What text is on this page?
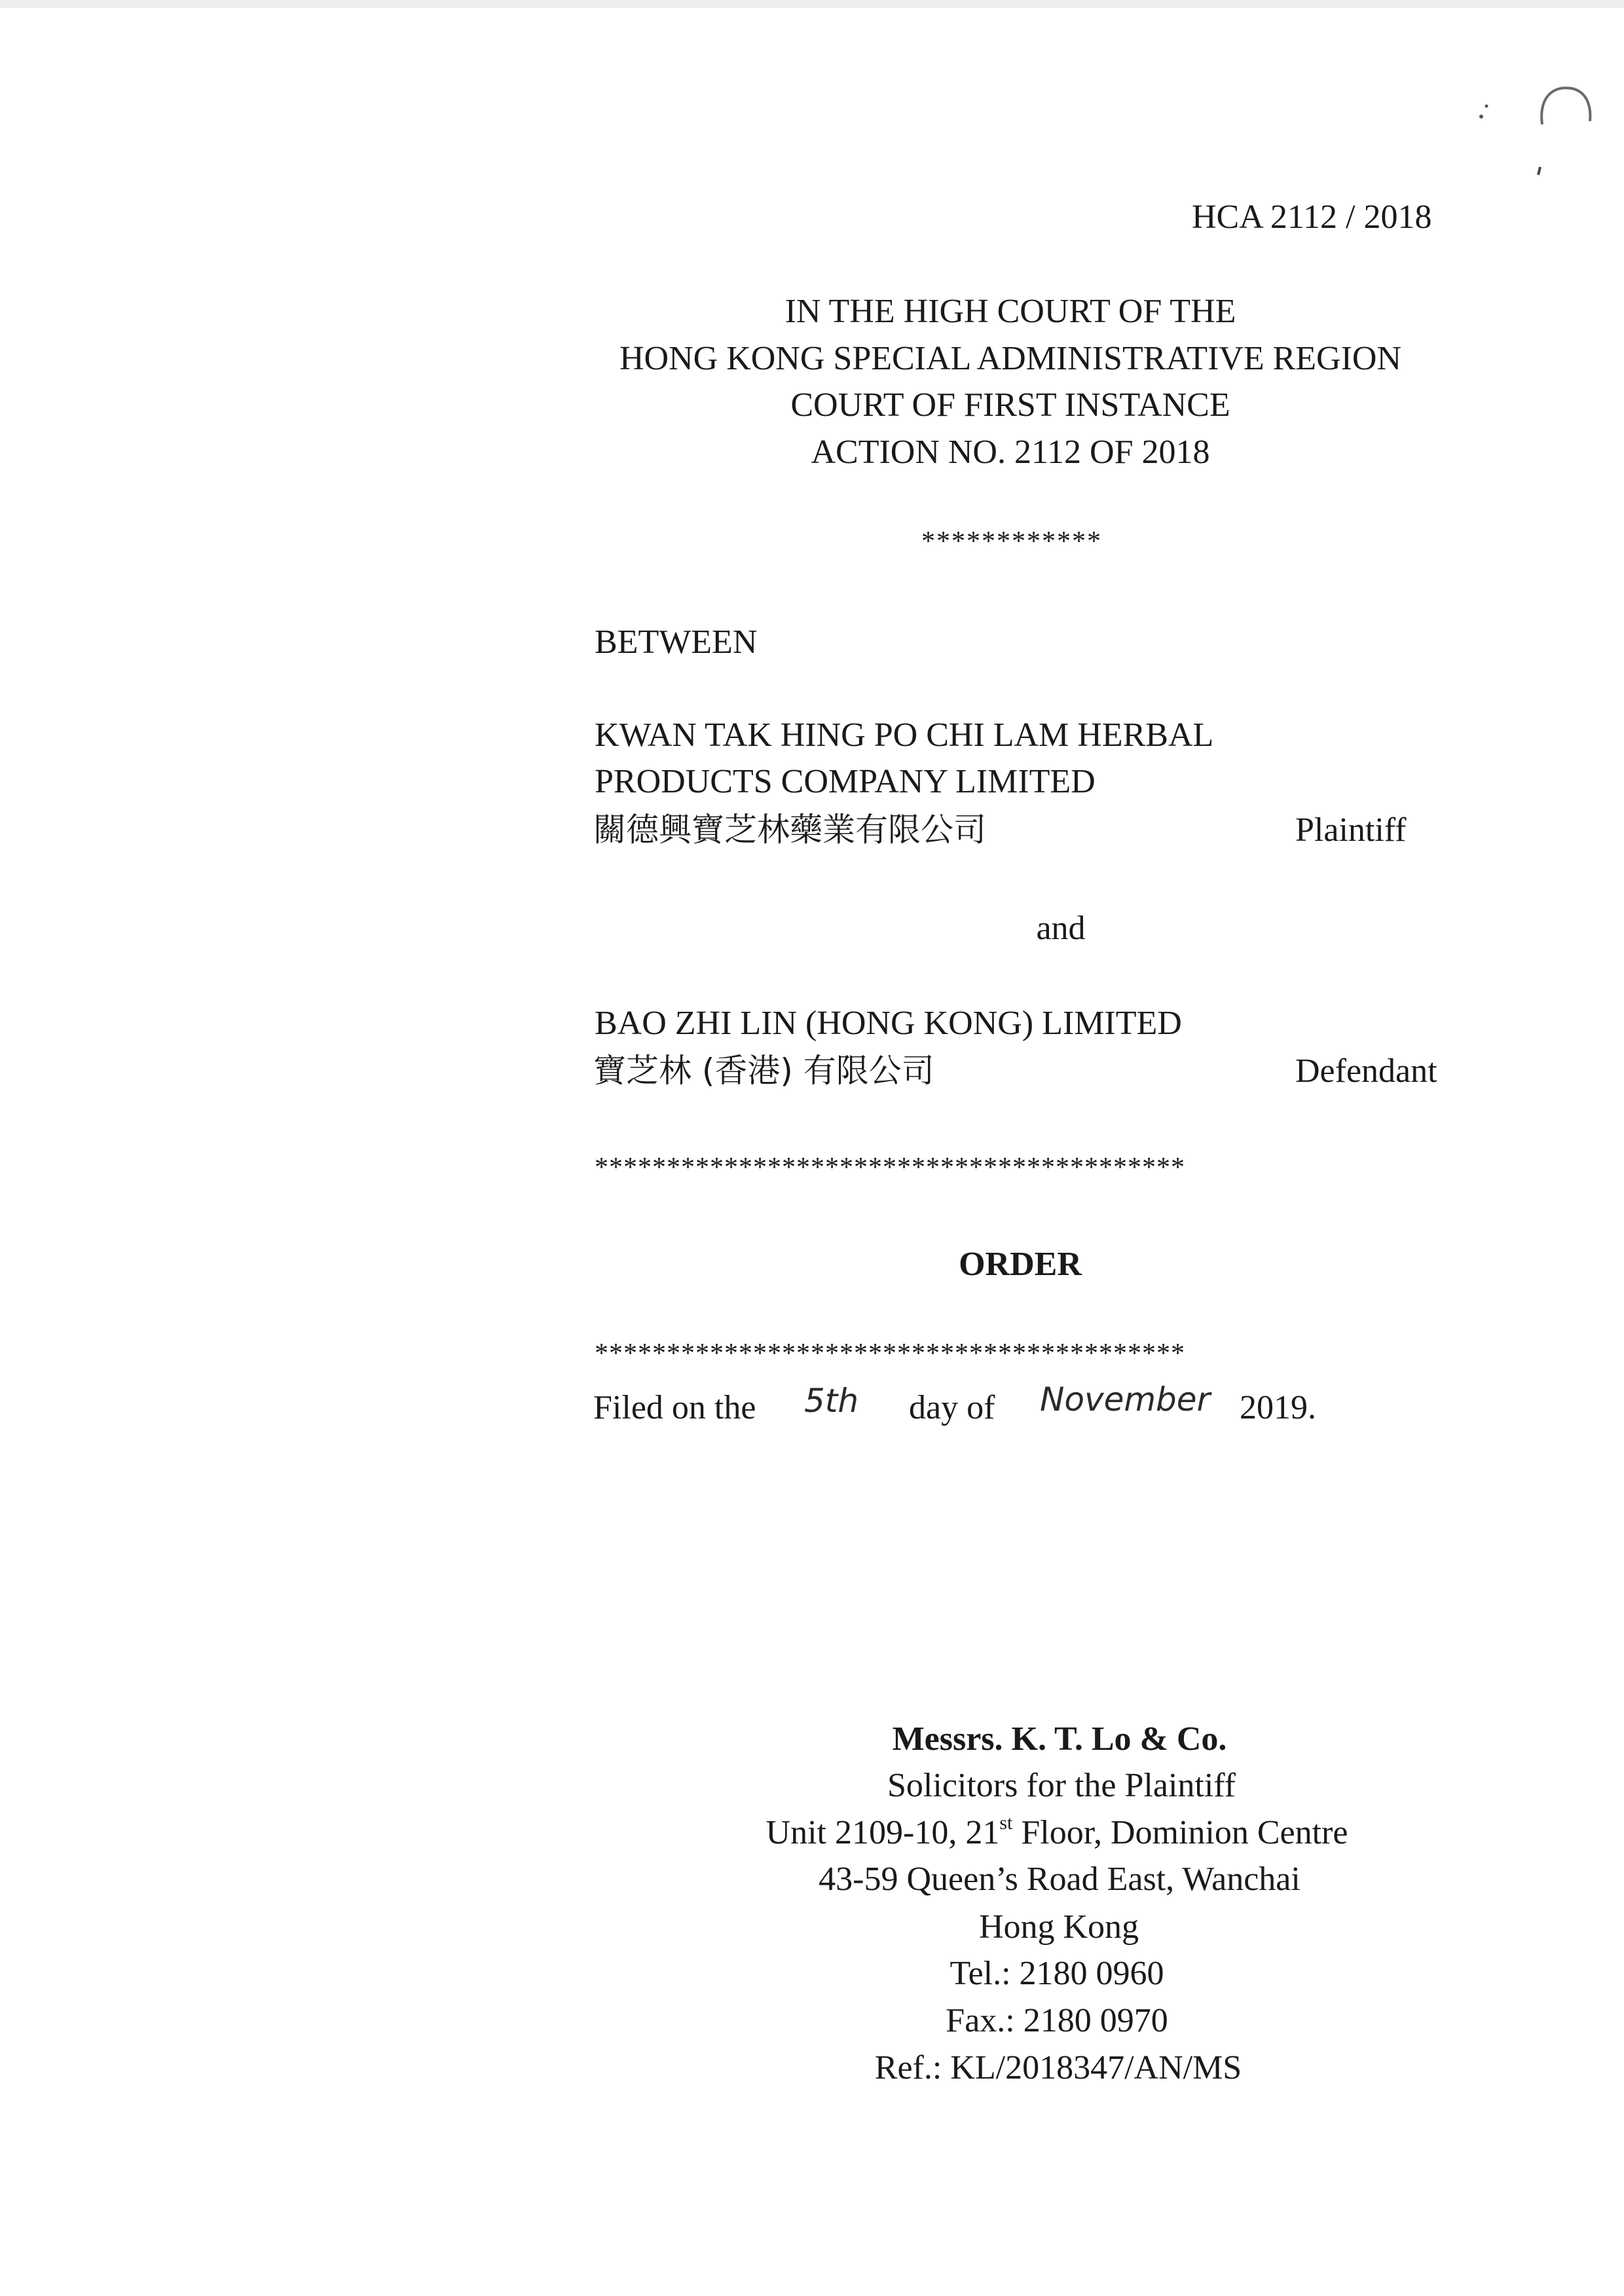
HCA 2112 / 2018
IN THE HIGH COURT OF THE
HONG KONG SPECIAL ADMINISTRATIVE REGION
COURT OF FIRST INSTANCE
ACTION NO. 2112 OF 2018
************
BETWEEN
KWAN TAK HING PO CHI LAM HERBAL
PRODUCTS COMPANY LIMITED
關德興寶芝林藥業有限公司	Plaintiff
and
BAO ZHI LIN (HONG KONG) LIMITED
寶芝林 (香港) 有限公司	Defendant
*****************************************
ORDER
*****************************************
Filed on the 5th day of November 2019.
Messrs. K. T. Lo & Co.
Solicitors for the Plaintiff
Unit 2109-10, 21st Floor, Dominion Centre
43-59 Queen’s Road East, Wanchai
Hong Kong
Tel.: 2180 0960
Fax.: 2180 0970
Ref.: KL/2018347/AN/MS
